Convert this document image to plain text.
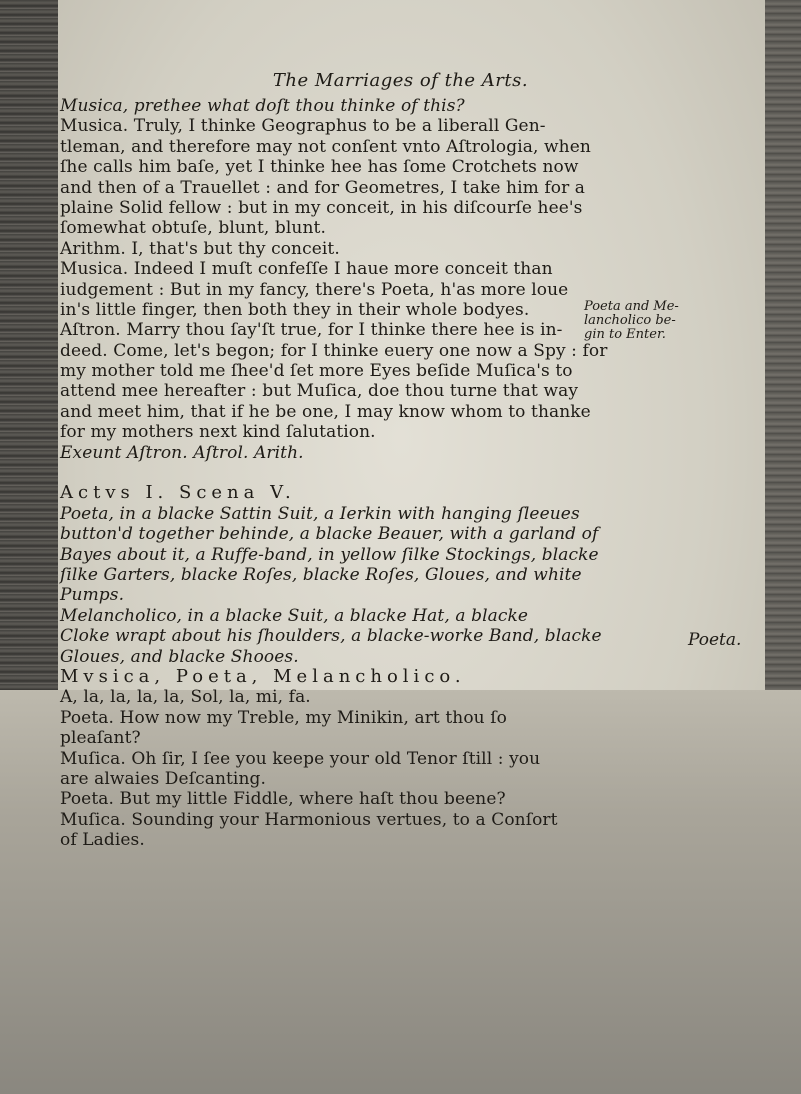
The Marriages of the Arts.
Musica, prethee what doſt thou thinke of this?
Musica. Truly, I thinke Geographus to be a liberall Gen-
tleman, and therefore may not conſent vnto Aſtrologia, when
ſhe calls him baſe, yet I thinke hee has ſome Crotchets now
and then of a Trauellet : and for Geometres, I take him for a
plaine Solid fellow : but in my conceit, in his diſcourſe hee's
ſomewhat obtuſe, blunt, blunt.
Arithm. I, that's but thy conceit.
Musica. Indeed I muſt confeſſe I haue more conceit than
iudgement : But in my fancy, there's Poeta, h'as more loue
in's little finger, then both they in their whole bodyes.
Aſtron. Marry thou ſay'ſt true, for I thinke there hee is in-
deed. Come, let's begon; for I thinke euery one now a Spy : for
my mother told me ſhee'd ſet more Eyes beſide Muſica's to
attend mee hereafter : but Muſica, doe thou turne that way
and meet him, that if he be one, I may know whom to thanke
for my mothers next kind ſalutation.
Exeunt Aſtron. Aſtrol. Arith.
Actvs I. Scena V.
Poeta, in a blacke Sattin Suit, a Ierkin with hanging ſleeues
button'd together behinde, a blacke Beauer, with a garland of
Bayes about it, a Ruffe-band, in yellow ſilke Stockings, blacke
ſilke Garters, blacke Roſes, blacke Roſes, Gloues, and white
Pumps.
Melancholico, in a blacke Suit, a blacke Hat, a blacke
Cloke wrapt about his ſhoulders, a blacke-worke Band, blacke
Gloues, and blacke Shooes.
Mvsica, Poeta, Melancholico.
A, la, la, la, la, Sol, la, mi, fa.
Poeta. How now my Treble, my Minikin, art thou ſo
pleaſant?
Muſica. Oh ſir, I ſee you keepe your old Tenor ſtill : you
are alwaies Deſcanting.
Poeta. But my little Fiddle, where haſt thou beene?
Muſica. Sounding your Harmonious vertues, to a Conſort
of Ladies.
Poeta and Me-
lancholico be-
gin to Enter.
Poeta.
